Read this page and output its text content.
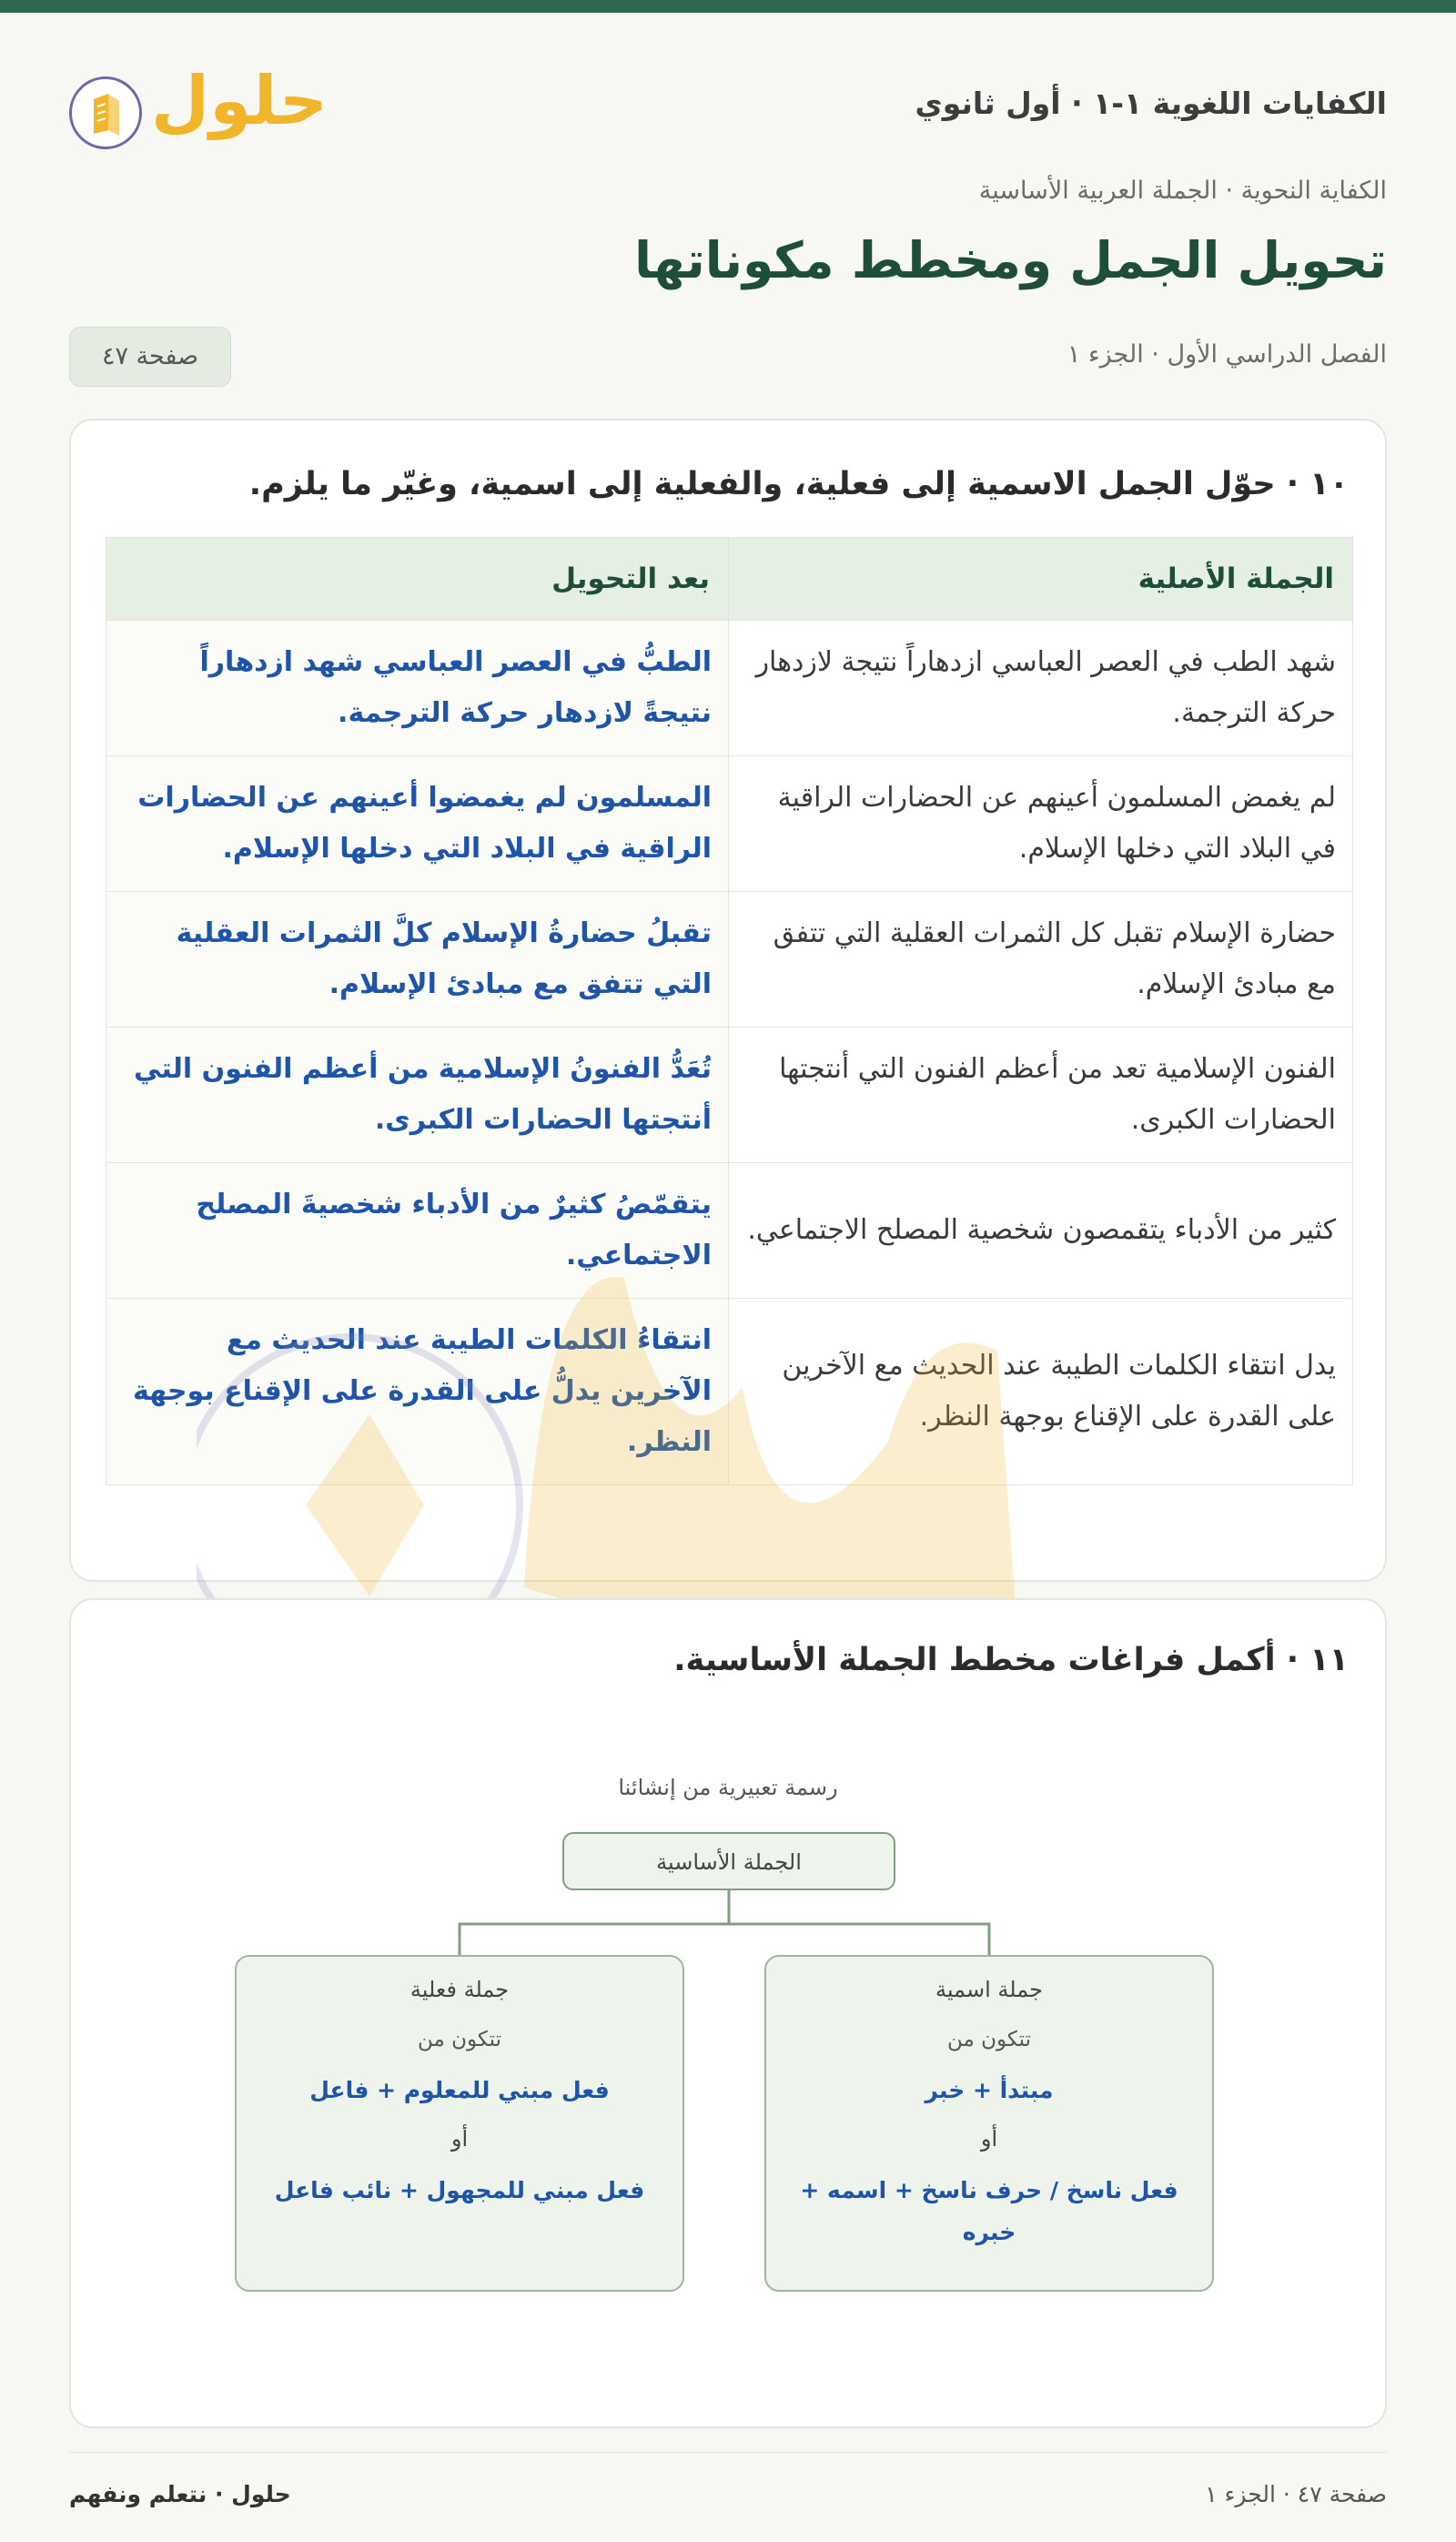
الكفايات اللغوية ١-١ · أول ثانوي
حلول
الكفاية النحوية · الجملة العربية الأساسية
تحويل الجمل ومخطط مكوناتها
الفصل الدراسي الأول · الجزء ١
صفحة ٤٧
١٠ · حوّل الجمل الاسمية إلى فعلية، والفعلية إلى اسمية، وغيّر ما يلزم.
الجملة الأصلية	بعد التحويل
شهد الطب في العصر العباسي ازدهاراً نتيجة لازدهار حركة الترجمة.	الطبُّ في العصر العباسي شهد ازدهاراً نتيجةً لازدهار حركة الترجمة.
لم يغمض المسلمون أعينهم عن الحضارات الراقية في البلاد التي دخلها الإسلام.	المسلمون لم يغمضوا أعينهم عن الحضارات الراقية في البلاد التي دخلها الإسلام.
حضارة الإسلام تقبل كل الثمرات العقلية التي تتفق مع مبادئ الإسلام.	تقبلُ حضارةُ الإسلام كلَّ الثمرات العقلية التي تتفق مع مبادئ الإسلام.
الفنون الإسلامية تعد من أعظم الفنون التي أنتجتها الحضارات الكبرى.	تُعَدُّ الفنونُ الإسلامية من أعظم الفنون التي أنتجتها الحضارات الكبرى.
كثير من الأدباء يتقمصون شخصية المصلح الاجتماعي.	يتقمّصُ كثيرٌ من الأدباء شخصيةَ المصلح الاجتماعي.
يدل انتقاء الكلمات الطيبة عند الحديث مع الآخرين على القدرة على الإقناع بوجهة النظر.	انتقاءُ الكلمات الطيبة عند الحديث مع الآخرين يدلُّ على القدرة على الإقناع بوجهة النظر.
١١ · أكمل فراغات مخطط الجملة الأساسية.
رسمة تعبيرية من إنشائنا
الجملة الأساسية
جملة اسمية
تتكون من
مبتدأ + خبر
أو
فعل ناسخ / حرف ناسخ + اسمه + خبره
جملة فعلية
تتكون من
فعل مبني للمعلوم + فاعل
أو
فعل مبني للمجهول + نائب فاعل
صفحة ٤٧ · الجزء ١
حلول · نتعلم ونفهم
